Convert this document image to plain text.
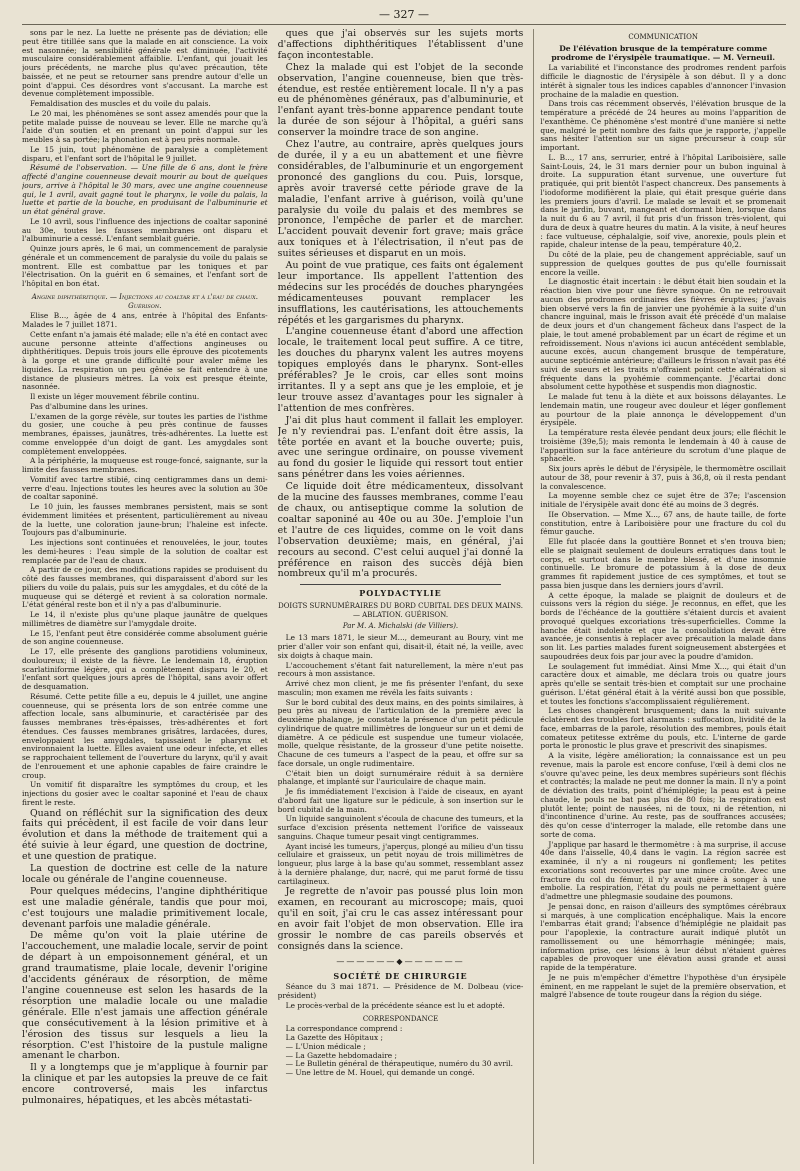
— 327 —

sons par le nez. La luette ne présente pas de déviation; elle peut être titillée sans que la malade en ait conscience. La voix est nasonnée; la sensibilité générale est diminuée, l'activité musculaire considérablement affaiblie. L'enfant, qui jouait les jours précédents, ne marche plus qu'avec précaution, tête baissée, et ne peut se retourner sans prendre autour d'elle un point d'appui. Ces désordres vont s'accusant. La marche est devenue complètement impossible.

Femaldisation des muscles et du voile du palais.

Le 20 mai, les phénomènes se sont assez amendés pour que la petite malade puisse de nouveau se lever. Elle ne marche qu'à l'aide d'un soutien et en prenant un point d'appui sur les meubles à sa portée; la phonation est à peu près normale.

Le 15 juin, tout phénomène de paralysie a complètement disparu, et l'enfant sort de l'hôpital le 9 juillet.

Résumé de l'observation. — Une fille de 6 ans, dont le frère affecté d'angine couenneuse devait mourir au bout de quelques jours, arrive à l'hôpital le 30 mars, avec une angine couenneuse qui, le 1 avril, avait gagné tout le pharynx, le voile du palais, la luette et partie de la bouche, en produisant de l'albuminurie et un état général grave.

Le 10 avril, sous l'influence des injections de coaltar saponiné au 30e, toutes les fausses membranes ont disparu et l'albuminurie a cessé. L'enfant semblait guérie.

Quinze jours après, le 6 mai, un commencement de paralysie générale et un commencement de paralysie du voile du palais se montrent. Elle est combattue par les toniques et par l'électrisation. On la guérit en 6 semaines, et l'enfant sort de l'hôpital en bon état.

Angine diphthéritique. — Injections au coaltar et à l'eau de chaux. Guérison.

Elise B..., âgée de 4 ans, entrée à l'hôpital des Enfants-Malades le 7 juillet 1871.

Cette enfant n'a jamais été malade; elle n'a été en contact avec aucune personne atteinte d'affections angineuses ou diphthéritiques. Depuis trois jours elle éprouve des picotements à la gorge et une grande difficulté pour avaler même les liquides. La respiration un peu gênée se fait entendre à une distance de plusieurs mètres. La voix est presque éteinte, nasonnée.

Il existe un léger mouvement fébrile continu.

Pas d'albumine dans les urines.

L'examen de la gorge révèle, sur toutes les parties de l'isthme du gosier, une couche à peu près continue de fausses membranes, épaisses, jaunâtres, très-adhérentes. La luette est comme enveloppée d'un doigt de gant. Les amygdales sont complètement enveloppées.

A la périphérie, la muqueuse est rouge-foncé, saignante, sur la limite des fausses membranes.

Vomitif avec tartre stibié, cinq centigrammes dans un demi-verre d'eau. Injections toutes les heures avec la solution au 30e de coaltar saponiné.

Le 10 juin, les fausses membranes persistent, mais se sont évidemment limitées et présentent, particulièrement au niveau de la luette, une coloration jaune-brun; l'haleine est infecte. Toujours pas d'albuminurie.

Les injections sont continuées et renouvelées, le jour, toutes les demi-heures : l'eau simple de la solution de coaltar est remplacée par de l'eau de chaux.

A partir de ce jour, des modifications rapides se produisent du côté des fausses membranes, qui disparaissent d'abord sur les piliers du voile du palais, puis sur les amygdales, et du côté de la muqueuse qui se détergé et revient à sa coloration normale. L'état général reste bon et il n'y a pas d'albuminurie.

Le 14, il n'existe plus qu'une plaque jaunâtre de quelques millimètres de diamètre sur l'amygdale droite.

Le 15, l'enfant peut être considérée comme absolument guérie de son angine couenneuse.

Le 17, elle présente des ganglions parotidiens volumineux, douloureux; il existe de la fièvre. Le lendemain 18, éruption scarlatiniforme légère, qui a complètement disparu le 20, et l'enfant sort quelques jours après de l'hôpital, sans avoir offert de desquamation.

Résumé. Cette petite fille a eu, depuis le 4 juillet, une angine couenneuse, qui se présenta lors de son entrée comme une affection locale, sans albuminurie, et caractérisée par des fausses membranes très-épaisses, très-adhérentes et fort étendues. Ces fausses membranes grisâtres, lardacées, dures, enveloppaient les amygdales, tapissaient le pharynx et environnaient la luette. Elles avaient une odeur infecte, et elles se rapprochaient tellement de l'ouverture du larynx, qu'il y avait de l'enrouement et une aphonie capables de faire craindre le croup.

Un vomitif fit disparaître les symptômes du croup, et les injections du gosier avec le coaltar saponiné et l'eau de chaux firent le reste.

Quand on réfléchit sur la signification des deux faits qui précèdent, il est facile de voir dans leur évolution et dans la méthode de traitement qui a été suivie à leur égard, une question de doctrine, et une question de pratique.

La question de doctrine est celle de la nature locale ou générale de l'angine couenneuse.

Pour quelques médecins, l'angine diphthéritique est une maladie générale, tandis que pour moi, c'est toujours une maladie primitivement locale, devenant parfois une maladie générale.

De même qu'on voit la plaie utérine de l'accouchement, une maladie locale, servir de point de départ à un empoisonnement général, et un grand traumatisme, plaie locale, devenir l'origine d'accidents généraux de résorption, de même l'angine couenneuse est selon les hasards de la résorption une maladie locale ou une maladie générale. Elle n'est jamais une affection générale que consécutivement à la lésion primitive et à l'érosion des tissus sur lesquels a lieu la résorption. C'est l'histoire de la pustule maligne amenant le charbon.

Il y a longtemps que je m'applique à fournir par la clinique et par les autopsies la preuve de ce fait encore controversé, mais les infarctus pulmonaires, hépatiques, et les abcès métastati-

ques que j'ai observés sur les sujets morts d'affections diphthéritiques l'établissent d'une façon incontestable.

Chez la malade qui est l'objet de la seconde observation, l'angine couenneuse, bien que très-étendue, est restée entièrement locale. Il n'y a pas eu de phénomènes généraux, pas d'albuminurie, et l'enfant ayant très-bonne apparence pendant toute la durée de son séjour à l'hôpital, a guéri sans conserver la moindre trace de son angine.

Chez l'autre, au contraire, après quelques jours de durée, il y a eu un abattement et une fièvre considérables, de l'albuminurie et un engorgement prononcé des ganglions du cou. Puis, lorsque, après avoir traversé cette période grave de la maladie, l'enfant arrive à guérison, voilà qu'une paralysie du voile du palais et des membres se prononce, l'empêche de parler et de marcher. L'accident pouvait devenir fort grave; mais grâce aux toniques et à l'électrisation, il n'eut pas de suites sérieuses et disparut en un mois.

Au point de vue pratique, ces faits ont également leur importance. Ils appellent l'attention des médecins sur les procédés de douches pharyngées médicamenteuses pouvant remplacer les insufflations, les cautérisations, les attouchements répétés et les gargarismes du pharynx.

L'angine couenneuse étant d'abord une affection locale, le traitement local peut suffire. A ce titre, les douches du pharynx valent les autres moyens topiques employés dans le pharynx. Sont-elles préférables? Je le crois, car elles sont moins irritantes. Il y a sept ans que je les emploie, et je leur trouve assez d'avantages pour les signaler à l'attention de mes confrères.

J'ai dit plus haut comment il fallait les employer. Je n'y reviendrai pas. L'enfant doit être assis, la tête portée en avant et la bouche ouverte; puis, avec une seringue ordinaire, on pousse vivement au fond du gosier le liquide qui ressort tout entier sans pénétrer dans les voies aériennes.

Ce liquide doit être médicamenteux, dissolvant de la mucine des fausses membranes, comme l'eau de chaux, ou antiseptique comme la solution de coaltar saponiné au 40e ou au 30e. J'emploie l'un et l'autre de ces liquides, comme on le voit dans l'observation deuxième; mais, en général, j'ai recours au second. C'est celui auquel j'ai donné la préférence en raison des succès déjà bien nombreux qu'il m'a procurés.

POLYDACTYLIE
DOIGTS SURNUMÉRAIRES DU BORD CUBITAL DES DEUX MAINS. — ABLATION. GUÉRISON.
Par M. A. Michalski (de Villiers).

Le 13 mars 1871, le sieur M..., demeurant au Boury, vint me prier d'aller voir son enfant qui, disait-il, était né, la veille, avec six doigts à chaque main.

L'accouchement s'étant fait naturellement, la mère n'eut pas recours à mon assistance.

Arrivé chez mon client, je me fis présenter l'enfant, du sexe masculin; mon examen me révéla les faits suivants :

Sur le bord cubital des deux mains, en des points similaires, à peu près au niveau de l'articulation de la première avec la deuxième phalange, je constate la présence d'un petit pédicule cylindrique de quatre millimètres de longueur sur un et demi de diamètre. A ce pédicule est suspendue une tumeur violacée, molle, quelque résistante, de la grosseur d'une petite noisette. Chacune de ces tumeurs a l'aspect de la peau, et offre sur sa face dorsale, un ongle rudimentaire.

C'était bien un doigt surnuméraire réduit à sa dernière phalange, et implanté sur l'auriculaire de chaque main.

Je fis immédiatement l'excision à l'aide de ciseaux, en ayant d'abord fait une ligature sur le pédicule, à son insertion sur le bord cubital de la main.

Un liquide sanguinolent s'écoula de chacune des tumeurs, et la surface d'excision présenta nettement l'orifice de vaisseaux sanguins. Chaque tumeur pesait vingt centigrammes.

Ayant incisé les tumeurs, j'aperçus, plongé au milieu d'un tissu cellulaire et graisseux, un petit noyau de trois millimètres de longueur, plus large à la base qu'au sommet, ressemblant assez à la dernière phalange, dur, nacré, qui me parut formé de tissu cartilagineux.

Je regrette de n'avoir pas poussé plus loin mon examen, en recourant au microscope; mais, quoi qu'il en soit, j'ai cru le cas assez intéressant pour en avoir fait l'objet de mon observation. Elle ira grossir le nombre de cas pareils observés et consignés dans la science.

——————◆——————
SOCIÉTÉ DE CHIRURGIE

Séance du 3 mai 1871. — Présidence de M. Dolbeau (vice-président)

Le procès-verbal de la précédente séance est lu et adopté.

CORRESPONDANCE

La correspondance comprend :

La Gazette des Hôpitaux ;
— L'Union médicale ;
— La Gazette hebdomadaire ;
— Le Bulletin général de thérapeutique, numéro du 30 avril.
— Une lettre de M. Houel, qui demande un congé.
COMMUNICATION
De l'élévation brusque de la température comme prodrome de l'érysipèle traumatique. — M. Verneuil.

La variabilité et l'inconstance des prodromes rendent parfois difficile le diagnostic de l'érysipèle à son début. Il y a donc intérêt à signaler tous les indices capables d'annoncer l'invasion prochaine de la maladie en question.

Dans trois cas récemment observés, l'élévation brusque de la température a précédé de 24 heures au moins l'apparition de l'exanthème. Ce phénomène s'est montré d'une manière si nette que, malgré le petit nombre des faits que je rapporte, j'appelle sans hésiter l'attention sur un signe précurseur à coup sûr important.

L. B..., 17 ans, serrurier, entré à l'hôpital Lariboisière, salle Saint-Louis, 24, le 31 mars dernier pour un bubon inguinal à droite. La suppuration étant survenue, une ouverture fut pratiquée, qui prit bientôt l'aspect chancreux. Des pansements à l'iodoforme modifièrent la plaie, qui était presque guérie dans les premiers jours d'avril. Le malade se levait et se promenait dans le jardin, buvant, mangeant et dormant bien, lorsque dans la nuit du 6 au 7 avril, il fut pris d'un frisson très-violent, qui dura de deux à quatre heures du matin. A la visite, à neuf heures : face vultueuse, céphalalgie, soif vive, anorexie, pouls plein et rapide, chaleur intense de la peau, température 40,2.

Du côté de la plaie, peu de changement appréciable, sauf un suppression de quelques gouttes de pus qu'elle fournissait encore la veille.

Le diagnostic était incertain : le début était bien soudain et la réaction bien vive pour une fièvre synoque. On ne retrouvait aucun des prodromes ordinaires des fièvres éruptives; j'avais bien observé vers la fin de janvier une pyohémie à la suite d'un chancre inguinal, mais le frisson avait été précédé d'un malaise de deux jours et d'un changement fâcheux dans l'aspect de la plaie, le tout amené probablement par un écart de régime et un refroidissement. Nous n'avions ici aucun antécédent semblable, aucune excès, aucun changement brusque de température, aucune septicémie antérieure; d'ailleurs le frisson n'avait pas été suivi de sueurs et les traits n'offraient point cette altération si fréquente dans la pyohémie commençante. J'écartai donc absolument cette hypothèse et suspendis mon diagnostic.

Le malade fut tenu à la diète et aux boissons délayantes. Le lendemain matin, une rougeur avec douleur et léger gonflement au pourtour de la plaie annonça le développement d'un érysipèle.

La température resta élevée pendant deux jours; elle fléchit le troisième (39e,5); mais remonta le lendemain à 40 à cause de l'apparition sur la face antérieure du scrotum d'une plaque de sphacèle.

Six jours après le début de l'érysipèle, le thermomètre oscillait autour de 38, pour revenir à 37, puis à 36,8, où il resta pendant la convalescence.

La moyenne semble chez ce sujet être de 37e; l'ascension initiale de l'érysipèle avait donc été au moins de 3 degrés.

IIe Observation. — Mme X..., 67 ans, de haute taille, de forte constitution, entre à Lariboisière pour une fracture du col du fémur gauche.

Elle fut placée dans la gouttière Bonnet et s'en trouva bien; elle se plaignait seulement de douleurs erratiques dans tout le corps, et surtout dans le membre blessé, et d'une insomnie continuelle. Le bromure de potassium à la dose de deux grammes fit rapidement justice de ces symptômes, et tout se passa bien jusque dans les derniers jours d'avril.

A cette époque, la malade se plaignit de douleurs et de cuissons vers la région du siége. Je reconnus, en effet, que les bords de l'échéance de la gouttière s'étaient durcis et avaient provoqué quelques excoriations très-superficielles. Comme la hanche était indolente et que la consolidation devait être avancée, je consentis à replacer avec précaution la malade dans son lit. Les parties malades furent soigneusement abstergées et saupoudrées deux fois par jour avec la poudre d'amidon.

Le soulagement fut immédiat. Ainsi Mme X..., qui était d'un caractère doux et aimable, me déclara trois ou quatre jours après qu'elle se sentait très-bien et comptait sur une prochaine guérison. L'état général était à la vérité aussi bon que possible, et toutes les fonctions s'accomplissaient régulièrement.

Les choses changèrent brusquement; dans la nuit suivante éclatèrent des troubles fort alarmants : suffocation, lividité de la face, embarras de la parole, résolution des membres, pouls était comateux petitesse extrême du pouls, etc. L'interne de garde porta le pronostic le plus grave et prescrivit des sinapismes.

A la visite, légère amélioration; la connaissance est un peu revenue, mais la parole est encore confuse, l'œil à demi clos ne s'ouvre qu'avec peine, les deux membres supérieurs sont fléchis et contractés; la malade ne peut me donner la main. Il n'y a point de déviation des traits, point d'hémiplégie; la peau est à peine chaude, le pouls ne bat pas plus de 80 fois; la respiration est plutôt lente; point de nausées, ni de toux, ni de rétention, ni d'incontinence d'urine. Au reste, pas de souffrances accusées; dès qu'on cesse d'interroger la malade, elle retombe dans une sorte de coma.

J'applique par hasard le thermomètre : à ma surprise, il accuse 40e dans l'aisselle, 40,4 dans le vagin. La région sacrée est examinée, il n'y a ni rougeurs ni gonflement; les petites excoriations sont recouvertes par une mince croûte. Avec une fracture du col du fémur, il n'y avait guère à songer à une embolie. La respiration, l'état du pouls ne permettaient guère d'admettre une phlegmasie soudaine des poumons.

Je pensai donc, en raison d'ailleurs des symptômes cérébraux si marqués, à une complication encéphalique. Mais la encore l'embarras était grand; l'absence d'hémiplégie ne plaidait pas pour l'apoplexie, la contracture aurait indiqué plutôt un ramollissement ou une hémorrhagie méningée; mais, information prise, ces lésions à leur début n'étaient guères capables de provoquer une élévation aussi grande et aussi rapide de la température.

Je ne puis m'empêcher d'émettre l'hypothèse d'un érysipèle éminent, en me rappelant le sujet de la première observation, et malgré l'absence de toute rougeur dans la région du siége.
